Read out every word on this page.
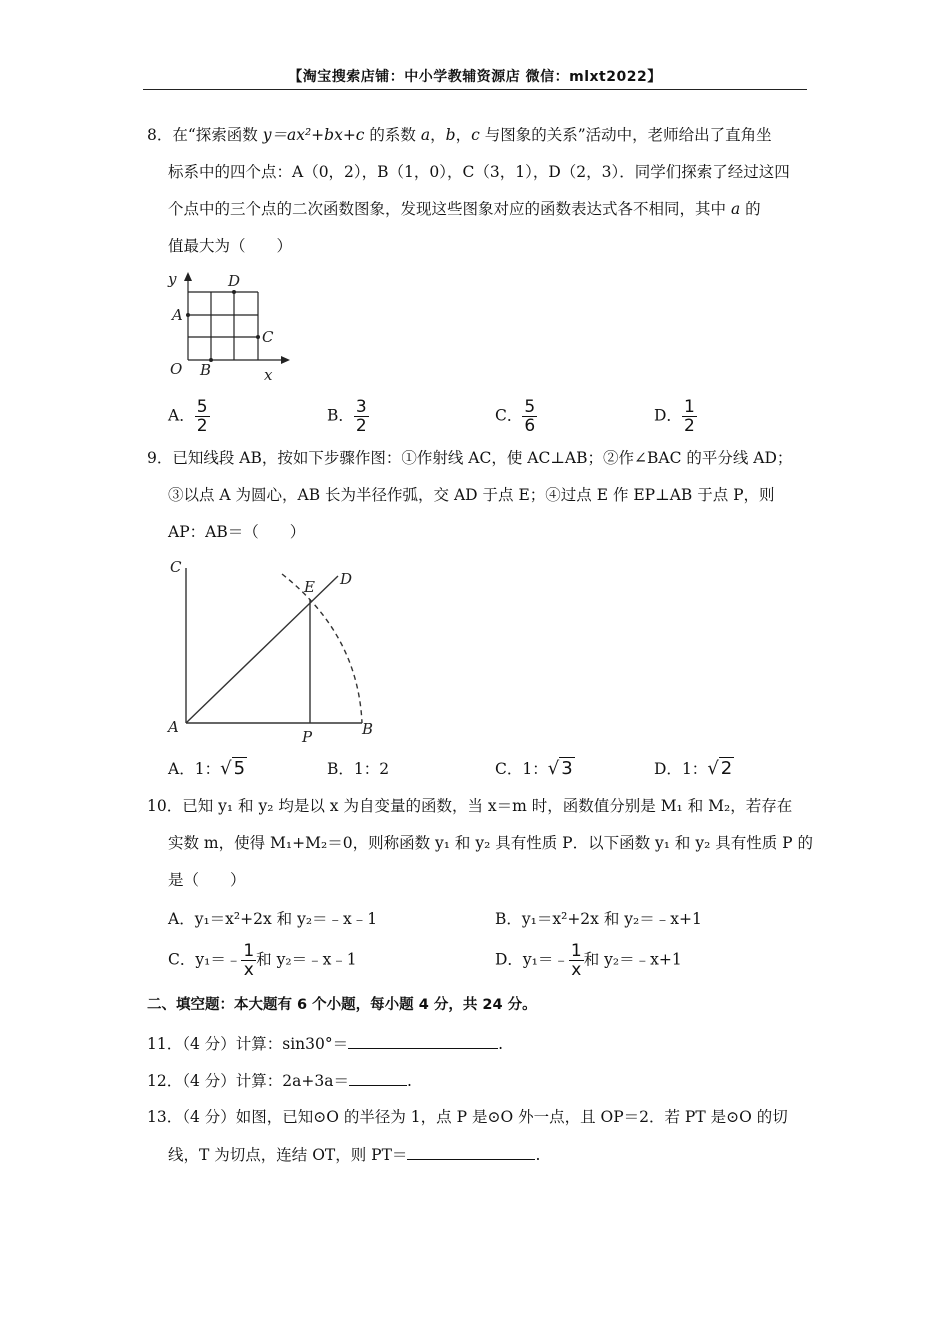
【淘宝搜索店铺：中小学教辅资源店 微信：mlxt2022】
8．在“探索函数 y＝ax²+bx+c 的系数 a，b，c 与图象的关系”活动中，老师给出了直角坐
标系中的四个点：A（0，2），B（1，0），C（3，1），D（2，3）．同学们探索了经过这四
个点中的三个点的二次函数图象，发现这些图象对应的函数表达式各不相同，其中 a 的
值最大为（　　）
y
x
O
A
B
C
D
A． $\frac{5}{2}$	B． $\frac{3}{2}$	C． $\frac{5}{6}$	D． $\frac{1}{2}$
9．已知线段 AB，按如下步骤作图：①作射线 AC，使 AC⊥AB；②作∠BAC 的平分线 AD；
③以点 A 为圆心，AB 长为半径作弧，交 AD 于点 E；④过点 E 作 EP⊥AB 于点 P，则
AP：AB＝（　　）
C
E D
A
P	B
A．1：√ 5	B．1：2	C．1：√ 3	D．1：√ 2
10．已知 y₁ 和 y₂ 均是以 x 为自变量的函数，当 x＝m 时，函数值分别是 M₁ 和 M₂，若存在
实数 m，使得 M₁+M₂＝0，则称函数 y₁ 和 y₂ 具有性质 P．以下函数 y₁ 和 y₂ 具有性质 P 的
是（　　）
A．y₁＝x²+2x 和 y₂＝﹣x﹣1	B．y₁＝x²+2x 和 y₂＝﹣x+1
C．y₁＝﹣ $\frac{1}{x}$ 和 y₂＝﹣x﹣1	D．y₁＝﹣ $\frac{1}{x}$ 和 y₂＝﹣x+1
二、填空题：本大题有 6 个小题，每小题 4 分，共 24 分。
11．（4 分）计算：sin30°＝	.
12．（4 分）计算：2a+3a＝	.
13．（4 分）如图，已知⊙O 的半径为 1，点 P 是⊙O 外一点，且 OP＝2．若 PT 是⊙O 的切
线，T 为切点，连结 OT，则 PT＝	.
